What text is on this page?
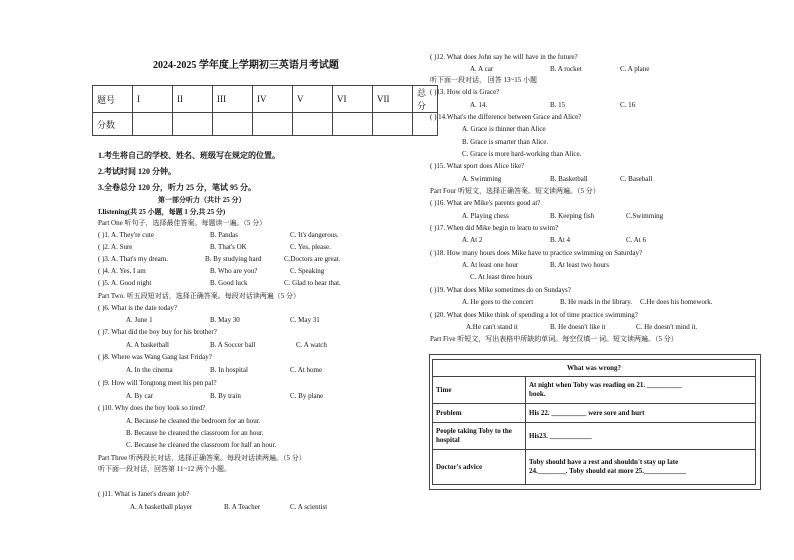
2024-2025 学年度上学期初三英语月考试题
题号	I	II	III	IV	V	VI	VII	总分
分数								
1.考生将自己的学校、姓名、班级写在规定的位置。
2.考试时间 120 分钟。
3.全卷总分 120 分，听力 25 分，笔试 95 分。
第一部分听力（共计 25 分）
I.listening(共 25 小题，每题 1 分,共 25 分)
Part One 听句子，选择最佳答案。每题读一遍。（5 分）
( )1. A. They're cute	B. Pandas	C. It's dangerous.
( )2. A. Sure	B. That's OK	C. Yes, please.
( )3. A. That's my dream.	B. By studying hard	C.Doctors are great.
( )4. A. Yes, I am	B. Who are you?	C. Speaking
( )5. A. Good night	B. Good luck	C. Glad to hear that.
Part Two. 听五段短对话，选择正确答案。每段对话读两遍（5 分）
( )6. What is the date today?
A. June 1	B. May 30	C. May 31
( )7. What did the boy buy for his brother?
A. A basketball	B. A Soccer ball	C. A watch
( )8. Where was Wang Gang last Friday?
A. In the cinema	B. In hospital	C. At home
( )9. How will Tongtong meet his pen pal?
A. By car	B. By train	C. By plane
( )10. Why does the boy look so tired?
A. Because he cleaned the bedroom for an hour.
B. Because he cleaned the classroom for an hour.
C. Because he cleaned the classroom for half an hour.
Part Three 听两段长对话，选择正确答案。每段对话读两遍。（5 分）
听下面一段对话，回答第 11~12 两个小题。
( )11. What is Janet's dream job?
A. A basketball player	B. A Teacher	C. A scientist
( )12. What does John say he will have in the future?
A. A car	B. A rocket	C. A plane
听下面一段对话， 回答 13~15 小题
( )13. How old is Grace?
A. 14.	B. 15	C. 16
( ) 14.What's the difference between Grace and Alice?
A. Grace is thinner than Alice
B. Grace is smarter than Alice.
C. Grace is more hard-working than Alice.
( )15. What sport does Alice like?
A. Swimming	B. Basketball	C. Baseball
Part Four 听短文，选择正确答案。短文读两遍。（5 分）
( )16. What are Mike's parents good at?
A. Playing chess	B. Keeping fish	C.Swimming
( )17. When did Mike begin to learn to swim?
A. At 2	B. At 4	C. At 6
( )18. How many hours does Mike have to practice swimming on Saturday?
A. At least one hour	B. At least two hours
C. At least three hours
( )19. What does Mike sometimes do on Sundays?
A. He goes to the concert	B. He reads in the library. C.He does his homework.
( )20. What does Mike think of spending a lot of time practice swimming?
A.He can't stand it	B. He doesn't like it	C. He doesn't mind it.
Part Five 听短文，写出表格中所缺的单词。每空仅填一 词。短文读两遍。（5 分）
What was wrong?	
Time	At night when Toby was reading on 21. __________
book.

Problem	His 22. __________ were sore and hurt
People taking Toby to the hospital	His23. ____________
Doctor's advice	Toby should have a rest and shouldn't stay up late
24.________. Toby should eat more 25.____________
